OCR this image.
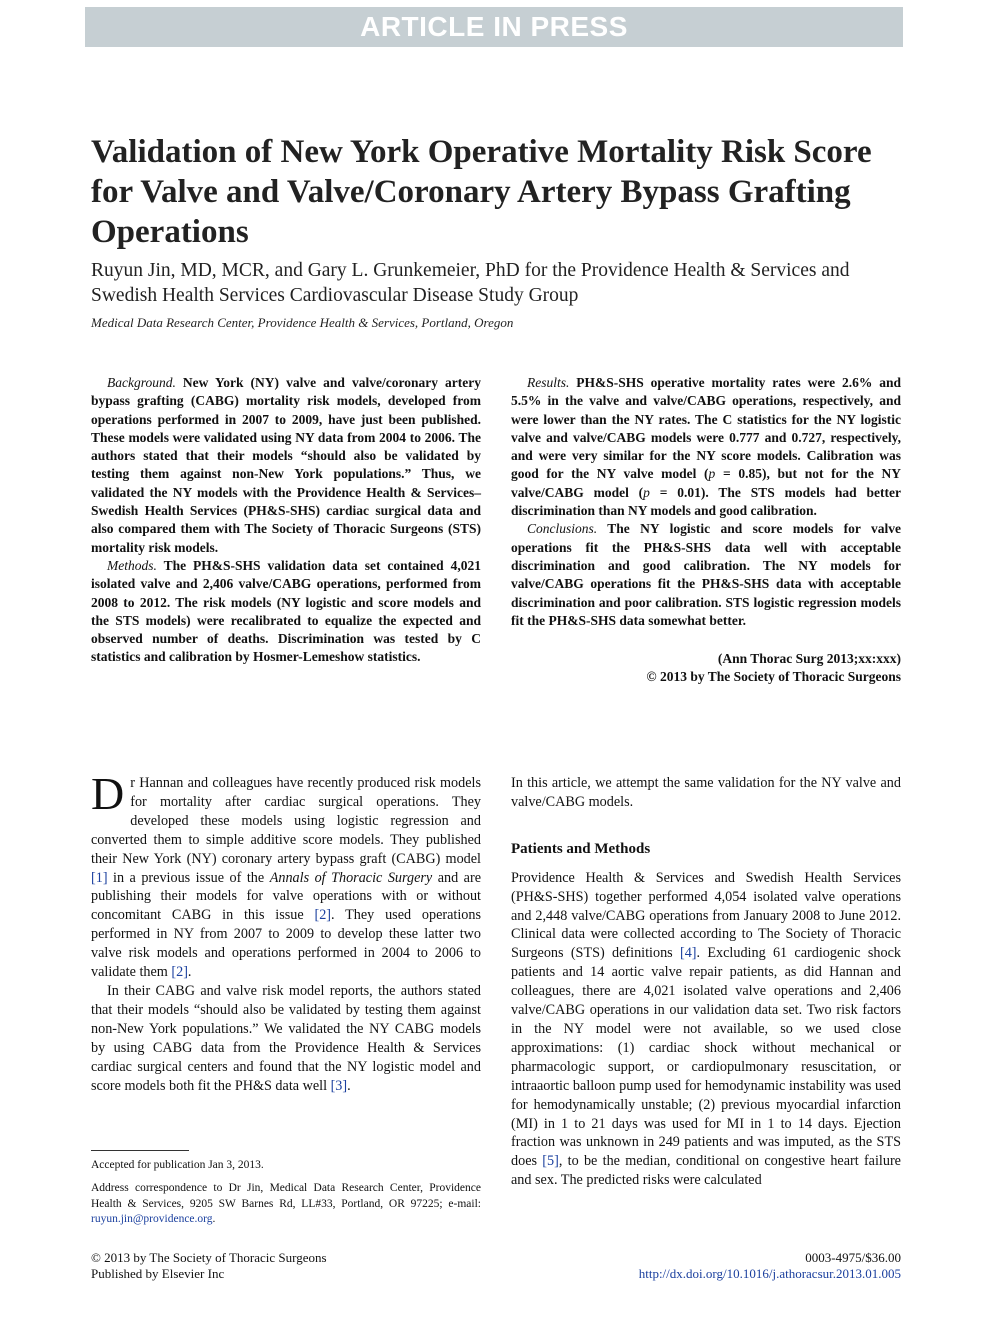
ARTICLE IN PRESS
Validation of New York Operative Mortality Risk Score for Valve and Valve/Coronary Artery Bypass Grafting Operations
Ruyun Jin, MD, MCR, and Gary L. Grunkemeier, PhD for the Providence Health & Services and Swedish Health Services Cardiovascular Disease Study Group
Medical Data Research Center, Providence Health & Services, Portland, Oregon

Background. New York (NY) valve and valve/coronary artery bypass grafting (CABG) mortality risk models, developed from operations performed in 2007 to 2009, have just been published. These models were validated using NY data from 2004 to 2006. The authors stated that their models “should also be validated by testing them against non-New York populations.” Thus, we validated the NY models with the Providence Health & Services–Swedish Health Services (PH&S-SHS) cardiac surgical data and also compared them with The Society of Thoracic Surgeons (STS) mortality risk models.

Methods. The PH&S-SHS validation data set contained 4,021 isolated valve and 2,406 valve/CABG operations, performed from 2008 to 2012. The risk models (NY logistic and score models and the STS models) were recalibrated to equalize the expected and observed number of deaths. Discrimination was tested by C statistics and calibration by Hosmer-Lemeshow statistics.

Results. PH&S-SHS operative mortality rates were 2.6% and 5.5% in the valve and valve/CABG operations, respectively, and were lower than the NY rates. The C statistics for the NY logistic valve and valve/CABG models were 0.777 and 0.727, respectively, and were very similar for the NY score models. Calibration was good for the NY valve model (p = 0.85), but not for the NY valve/CABG model (p = 0.01). The STS models had better discrimination than NY models and good calibration.

Conclusions. The NY logistic and score models for valve operations fit the PH&S-SHS data well with acceptable discrimination and good calibration. The NY models for valve/CABG operations fit the PH&S-SHS data with acceptable discrimination and poor calibration. STS logistic regression models fit the PH&S-SHS data somewhat better.

(Ann Thorac Surg 2013;xx:xxx)
© 2013 by The Society of Thoracic Surgeons

Dr Hannan and colleagues have recently produced risk models for mortality after cardiac surgical operations. They developed these models using logistic regression and converted them to simple additive score models. They published their New York (NY) coronary artery bypass graft (CABG) model [1] in a previous issue of the Annals of Thoracic Surgery and are publishing their models for valve operations with or without concomitant CABG in this issue [2]. They used operations performed in NY from 2007 to 2009 to develop these latter two valve risk models and operations performed in 2004 to 2006 to validate them [2].

In their CABG and valve risk model reports, the authors stated that their models “should also be validated by testing them against non-New York populations.” We validated the NY CABG models by using CABG data from the Providence Health & Services cardiac surgical centers and found that the NY logistic model and score models both fit the PH&S data well [3].

In this article, we attempt the same validation for the NY valve and valve/CABG models.

Patients and Methods

Providence Health & Services and Swedish Health Services (PH&S-SHS) together performed 4,054 isolated valve operations and 2,448 valve/CABG operations from January 2008 to June 2012. Clinical data were collected according to The Society of Thoracic Surgeons (STS) definitions [4]. Excluding 61 cardiogenic shock patients and 14 aortic valve repair patients, as did Hannan and colleagues, there are 4,021 isolated valve operations and 2,406 valve/CABG operations in our validation data set. Two risk factors in the NY model were not available, so we used close approximations: (1) cardiac shock without mechanical or pharmacologic support, or cardiopulmonary resuscitation, or intraaortic balloon pump used for hemodynamic instability was used for hemodynamically unstable; (2) previous myocardial infarction (MI) in 1 to 21 days was used for MI in 1 to 14 days. Ejection fraction was unknown in 249 patients and was imputed, as the STS does [5], to be the median, conditional on congestive heart failure and sex. The predicted risks were calculated

Accepted for publication Jan 3, 2013.
Address correspondence to Dr Jin, Medical Data Research Center, Providence Health & Services, 9205 SW Barnes Rd, LL#33, Portland, OR 97225; e-mail: ruyun.jin@providence.org.
© 2013 by The Society of Thoracic Surgeons
Published by Elsevier Inc
0003-4975/$36.00
http://dx.doi.org/10.1016/j.athoracsur.2013.01.005
